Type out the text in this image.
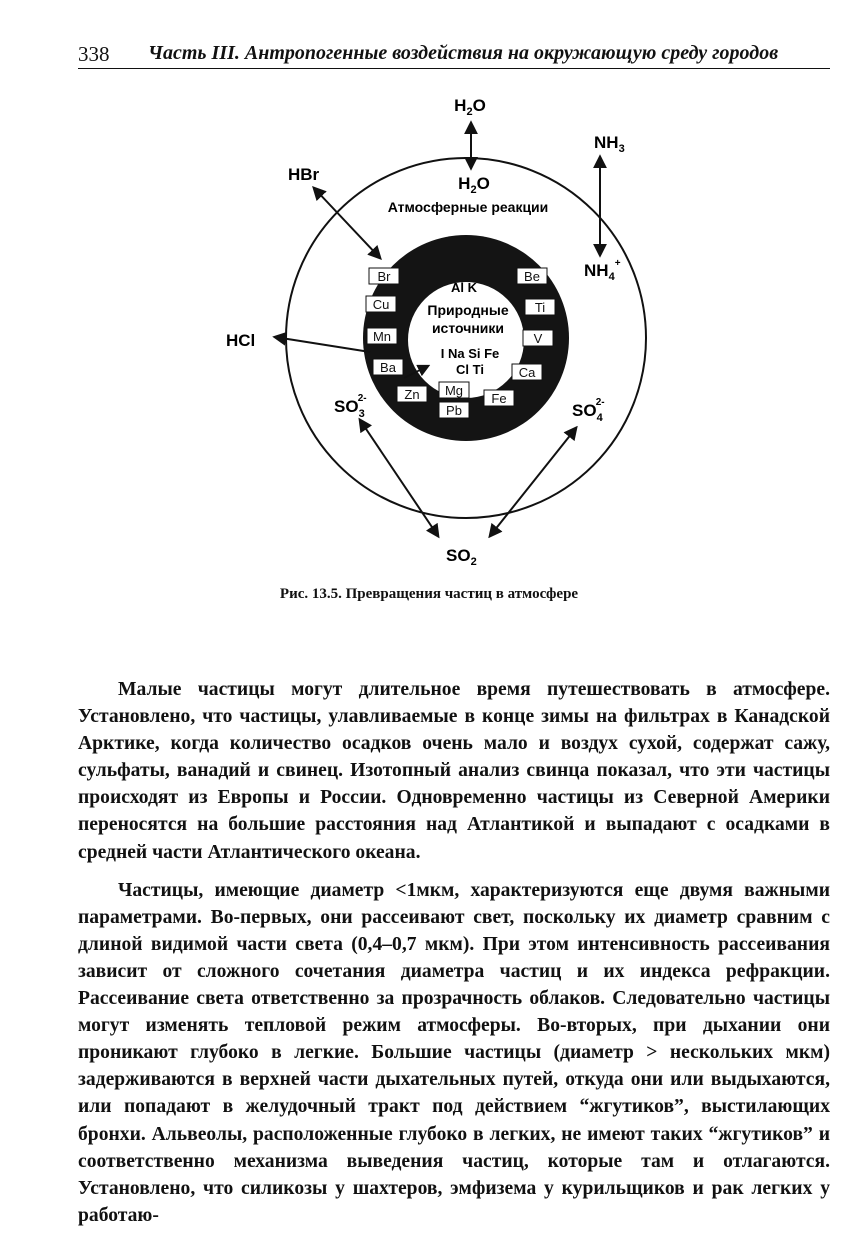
338 Часть III. Антропогенные воздействия на окружающую среду городов
Атмосферные реакции
Al K
Природные
источники
I Na Si Fe
Cl Ti
Br
Cu
Mn
Ba
Zn Mg
Pb
Fe
Ca
V
Ti
Be
$H_2O$
$H_2O$
$NH_3$
$NH_4^+$
HBr
HCl
$SO_32-$
$SO_42-$
$SO_2$
Рис. 13.5. Превращения частиц в атмосфере

Малые частицы могут длительное время путешествовать в атмосфере. Установлено, что частицы, улавливаемые в конце зимы на фильтрах в Канадской Арктике, когда количество осадков очень мало и воздух сухой, содержат сажу, сульфаты, ванадий и свинец. Изотопный анализ свинца показал, что эти частицы происходят из Европы и России. Одновременно частицы из Северной Америки переносятся на большие расстояния над Атлантикой и выпадают с осадками в средней части Атлантического океана.

Частицы, имеющие диаметр <1мкм, характеризуются еще двумя важными параметрами. Во-первых, они рассеивают свет, поскольку их диаметр сравним с длиной видимой части света (0,4–0,7 мкм). При этом интенсивность рассеивания зависит от сложного сочетания диаметра частиц и их индекса рефракции. Рассеивание света ответственно за прозрачность облаков. Следовательно частицы могут изменять тепловой режим атмосферы. Во-вторых, при дыхании они проникают глубоко в легкие. Большие частицы (диаметр > нескольких мкм) задерживаются в верхней части дыхательных путей, откуда они или выдыхаются, или попадают в желудочный тракт под действием “жгутиков”, выстилающих бронхи. Альвеолы, расположенные глубоко в легких, не имеют таких “жгутиков” и соответственно механизма выведения частиц, которые там и отлагаются. Установлено, что силикозы у шахтеров, эмфизема у курильщиков и рак легких у работаю-
